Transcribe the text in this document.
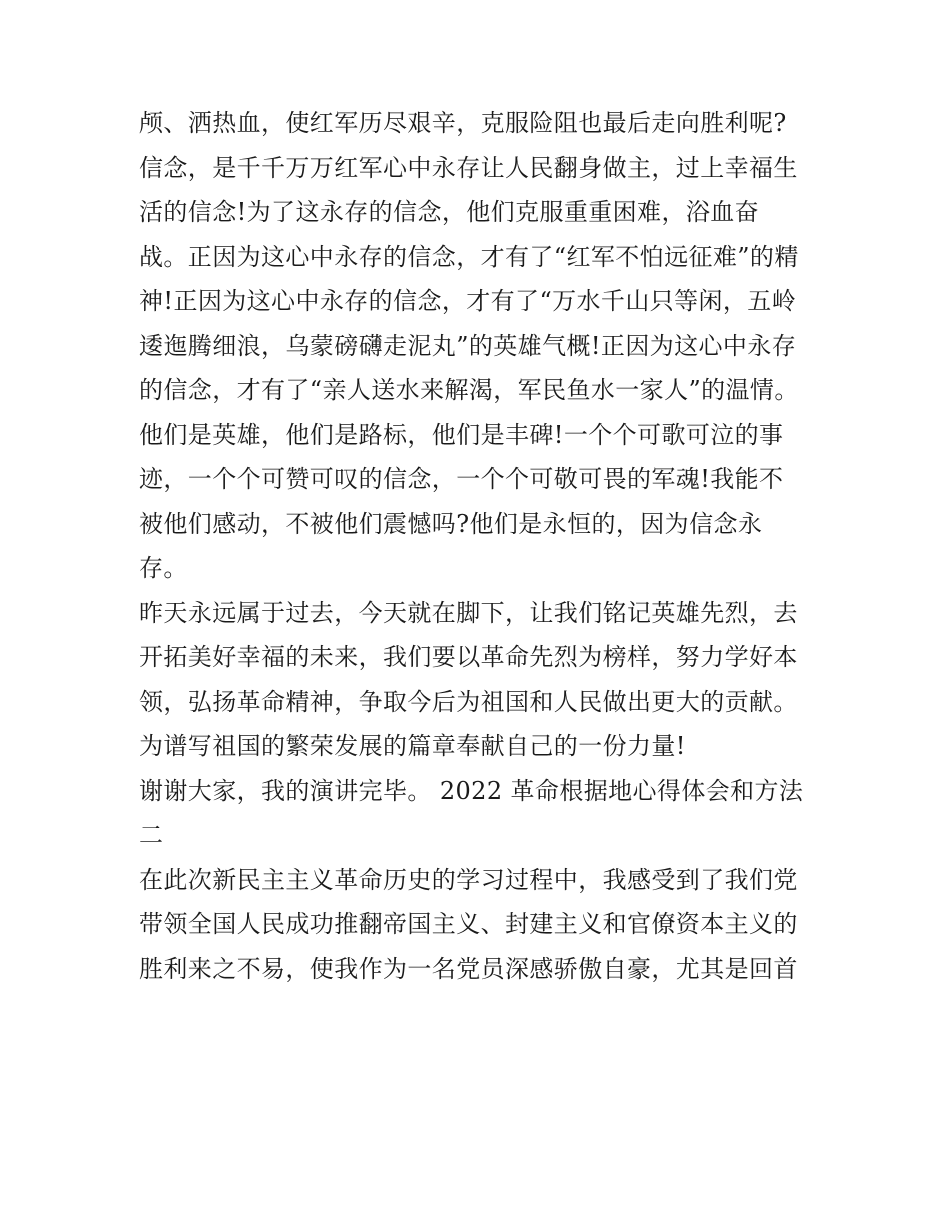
颅、洒热血，使红军历尽艰辛，克服险阻也最后走向胜利呢?
信念，是千千万万红军心中永存让人民翻身做主，过上幸福生
活的信念!为了这永存的信念，他们克服重重困难，浴血奋
战。正因为这心中永存的信念，才有了“红军不怕远征难”的精
神!正因为这心中永存的信念，才有了“万水千山只等闲，五岭
逶迤腾细浪，乌蒙磅礴走泥丸”的英雄气概!正因为这心中永存
的信念，才有了“亲人送水来解渴，军民鱼水一家人”的温情。
他们是英雄，他们是路标，他们是丰碑!一个个可歌可泣的事
迹，一个个可赞可叹的信念，一个个可敬可畏的军魂!我能不
被他们感动，不被他们震憾吗?他们是永恒的，因为信念永
存。
昨天永远属于过去，今天就在脚下，让我们铭记英雄先烈，去
开拓美好幸福的未来，我们要以革命先烈为榜样，努力学好本
领，弘扬革命精神，争取今后为祖国和人民做出更大的贡献。
为谱写祖国的繁荣发展的篇章奉献自己的一份力量!
谢谢大家，我的演讲完毕。 2022 革命根据地心得体会和方法
二
在此次新民主主义革命历史的学习过程中，我感受到了我们党
带领全国人民成功推翻帝国主义、封建主义和官僚资本主义的
胜利来之不易，使我作为一名党员深感骄傲自豪，尤其是回首
